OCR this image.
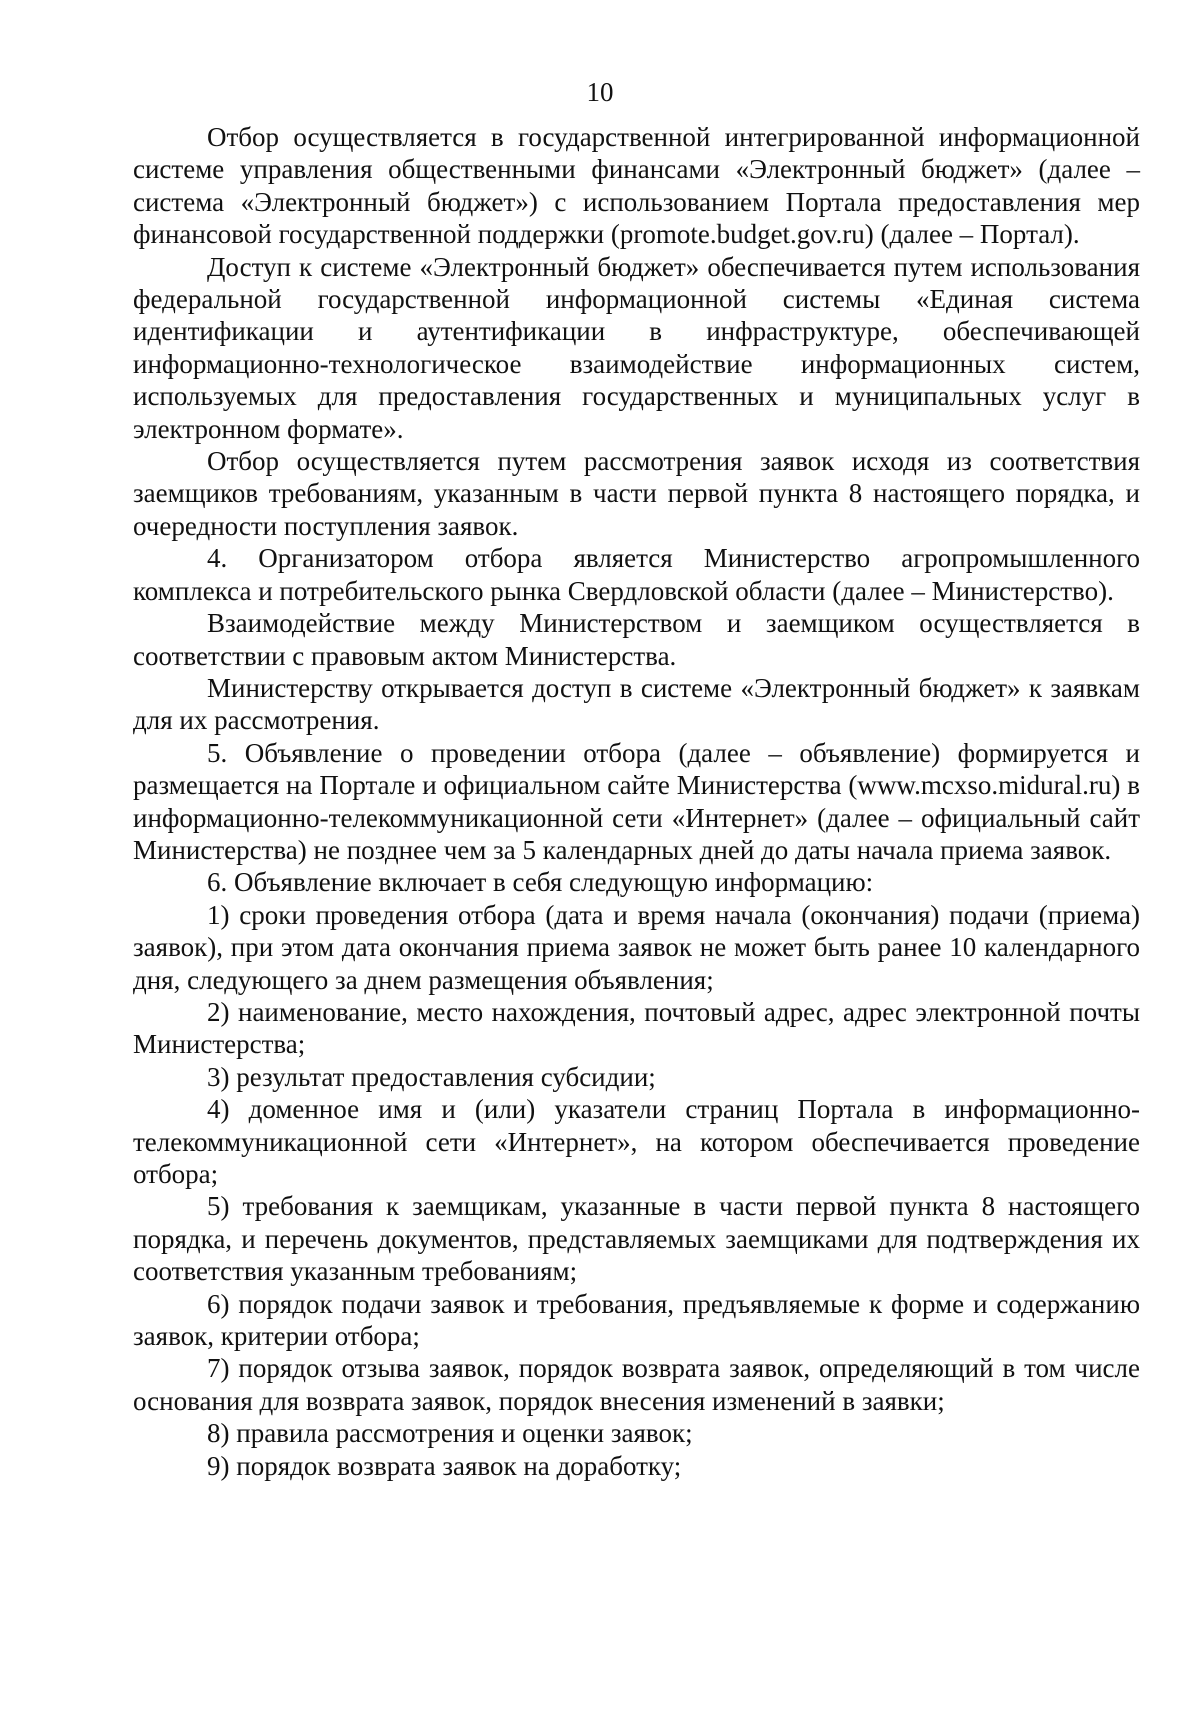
10

Отбор осуществляется в государственной интегрированной информационной системе управления общественными финансами «Электронный бюджет» (далее – система «Электронный бюджет») с использованием Портала предоставления мер финансовой государственной поддержки (promote.budget.gov.ru) (далее – Портал).

Доступ к системе «Электронный бюджет» обеспечивается путем использования федеральной государственной информационной системы «Единая система идентификации и аутентификации в инфраструктуре, обеспечивающей информационно-технологическое взаимодействие информационных систем, используемых для предоставления государственных и муниципальных услуг в электронном формате».

Отбор осуществляется путем рассмотрения заявок исходя из соответствия заемщиков требованиям, указанным в части первой пункта 8 настоящего порядка, и очередности поступления заявок.

4. Организатором отбора является Министерство агропромышленного комплекса и потребительского рынка Свердловской области (далее – Министерство).

Взаимодействие между Министерством и заемщиком осуществляется в соответствии с правовым актом Министерства.

Министерству открывается доступ в системе «Электронный бюджет» к заявкам для их рассмотрения.

5. Объявление о проведении отбора (далее – объявление) формируется и размещается на Портале и официальном сайте Министерства (www.mcxso.midural.ru) в информационно-телекоммуникационной сети «Интернет» (далее – официальный сайт Министерства) не позднее чем за 5 календарных дней до даты начала приема заявок.

6. Объявление включает в себя следующую информацию:

1) сроки проведения отбора (дата и время начала (окончания) подачи (приема) заявок), при этом дата окончания приема заявок не может быть ранее 10 календарного дня, следующего за днем размещения объявления;

2) наименование, место нахождения, почтовый адрес, адрес электронной почты Министерства;

3) результат предоставления субсидии;

4) доменное имя и (или) указатели страниц Портала в информационно-телекоммуникационной сети «Интернет», на котором обеспечивается проведение отбора;

5) требования к заемщикам, указанные в части первой пункта 8 настоящего порядка, и перечень документов, представляемых заемщиками для подтверждения их соответствия указанным требованиям;

6) порядок подачи заявок и требования, предъявляемые к форме и содержанию заявок, критерии отбора;

7) порядок отзыва заявок, порядок возврата заявок, определяющий в том числе основания для возврата заявок, порядок внесения изменений в заявки;

8) правила рассмотрения и оценки заявок;

9) порядок возврата заявок на доработку;
